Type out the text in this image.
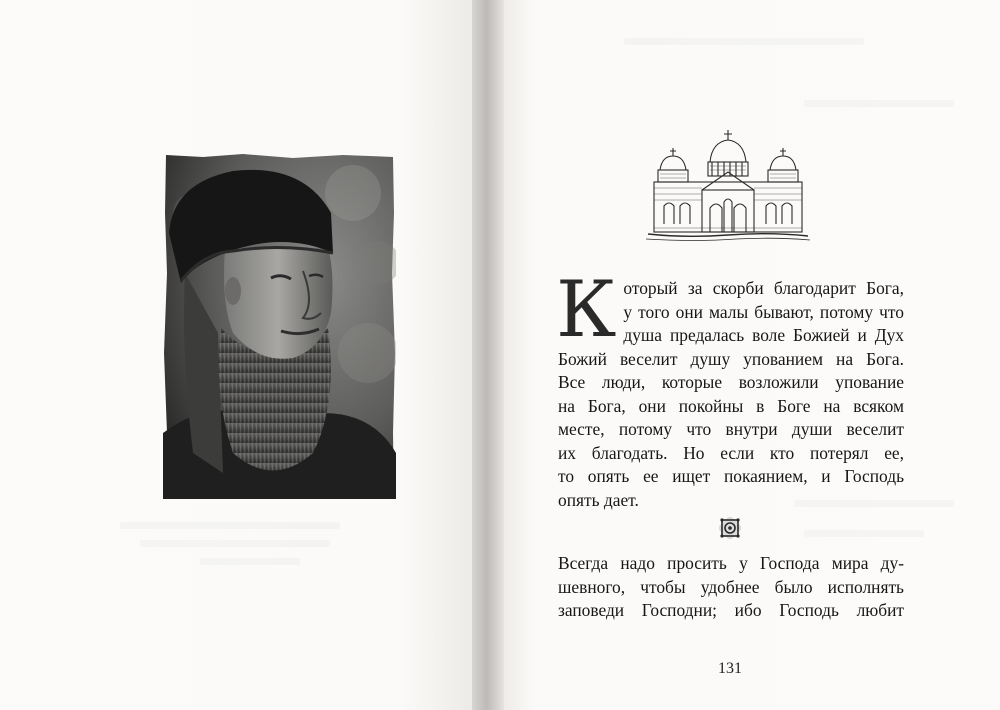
К оторый за скорби благодарит Бога,
у того они малы бывают, потому что
душа предалась воле Божией и Дух
Божий веселит душу упованием на Бога.
Все люди, которые возложили упование
на Бога, они покойны в Боге на всяком
месте, потому что внутри души веселит
их благодать. Но если кто потерял ее,
то опять ее ищет покаянием, и Господь
опять дает.
Всегда надо просить у Господа мира ду-
шевного, чтобы удобнее было исполнять
заповеди Господни; ибо Господь любит
131
